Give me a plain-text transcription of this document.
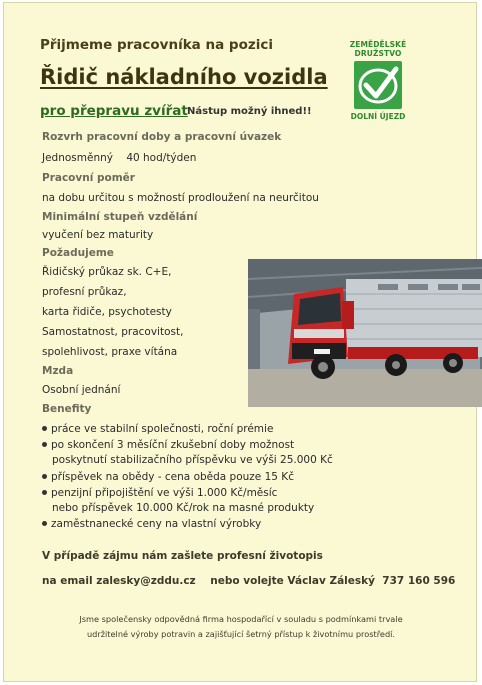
Přijmeme pracovníka na pozici
Řidič nákladního vozidla
pro přepravu zvířat Nástup možný ihned!!
ZEMĚDĚLSKÉ DRUŽSTVO
DOLNÍ ÚJEZD
Rozvrh pracovní doby a pracovní úvazek
Jednosměnný    40 hod/týden
Pracovní poměr
na dobu určitou s možností prodloužení na neurčitou
Minimální stupeň vzdělání
vyučení bez maturity
Požadujeme
Řidičský průkaz sk. C+E,
profesní průkaz,
karta řidiče, psychotesty
Samostatnost, pracovitost,
spolehlivost, praxe vítána
Mzda
Osobní jednání
Benefity
práce ve stabilní společnosti, roční prémie
po skončení 3 měsíční zkušební doby možnost
poskytnutí stabilizačního příspěvku ve výši 25.000 Kč
příspěvek na obědy - cena oběda pouze 15 Kč
penzijní připojištění ve výši 1.000 Kč/měsíc
nebo příspěvek 10.000 Kč/rok na masné produkty
zaměstnanecké ceny na vlastní výrobky
V případě zájmu nám zašlete profesní životopis
na email zalesky@zddu.cz    nebo volejte Václav Záleský  737 160 596
Jsme společensky odpovědná firma hospodařící v souladu s podmínkami trvale
udržitelné výroby potravin a zajišťující šetrný přístup k životnímu prostředí.
